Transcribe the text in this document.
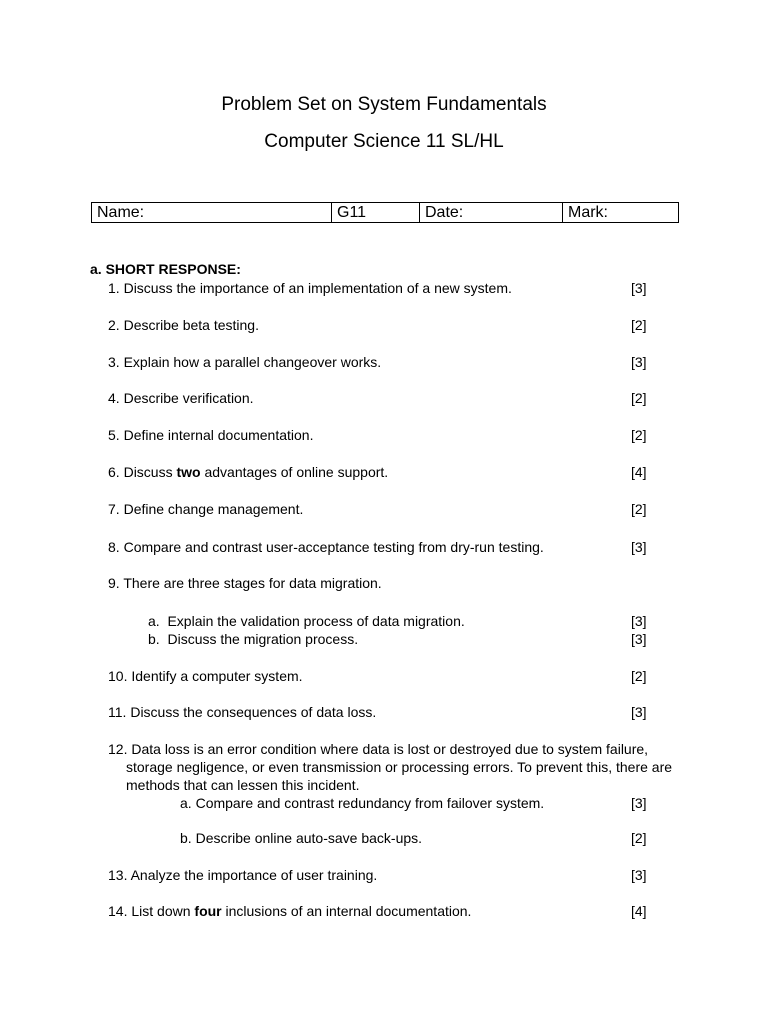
Problem Set on System Fundamentals
Computer Science 11 SL/HL
Name:	G11	Date:	Mark:
a. SHORT RESPONSE:
1. Discuss the importance of an implementation of a new system.	[3]
2. Describe beta testing.	[2]
3. Explain how a parallel changeover works.	[3]
4. Describe verification.	[2]
5. Define internal documentation.	[2]
6. Discuss two advantages of online support.	[4]
7. Define change management.	[2]
8. Compare and contrast user-acceptance testing from dry-run testing.	[3]
9. There are three stages for data migration.
a. Explain the validation process of data migration.	[3]
b. Discuss the migration process.	[3]
10. Identify a computer system.	[2]
11. Discuss the consequences of data loss.	[3]
12. Data loss is an error condition where data is lost or destroyed due to system failure, storage negligence, or even transmission or processing errors. To prevent this, there are methods that can lessen this incident.
a. Compare and contrast redundancy from failover system.	[3]
b. Describe online auto-save back-ups.	[2]
13. Analyze the importance of user training.	[3]
14. List down four inclusions of an internal documentation.	[4]
